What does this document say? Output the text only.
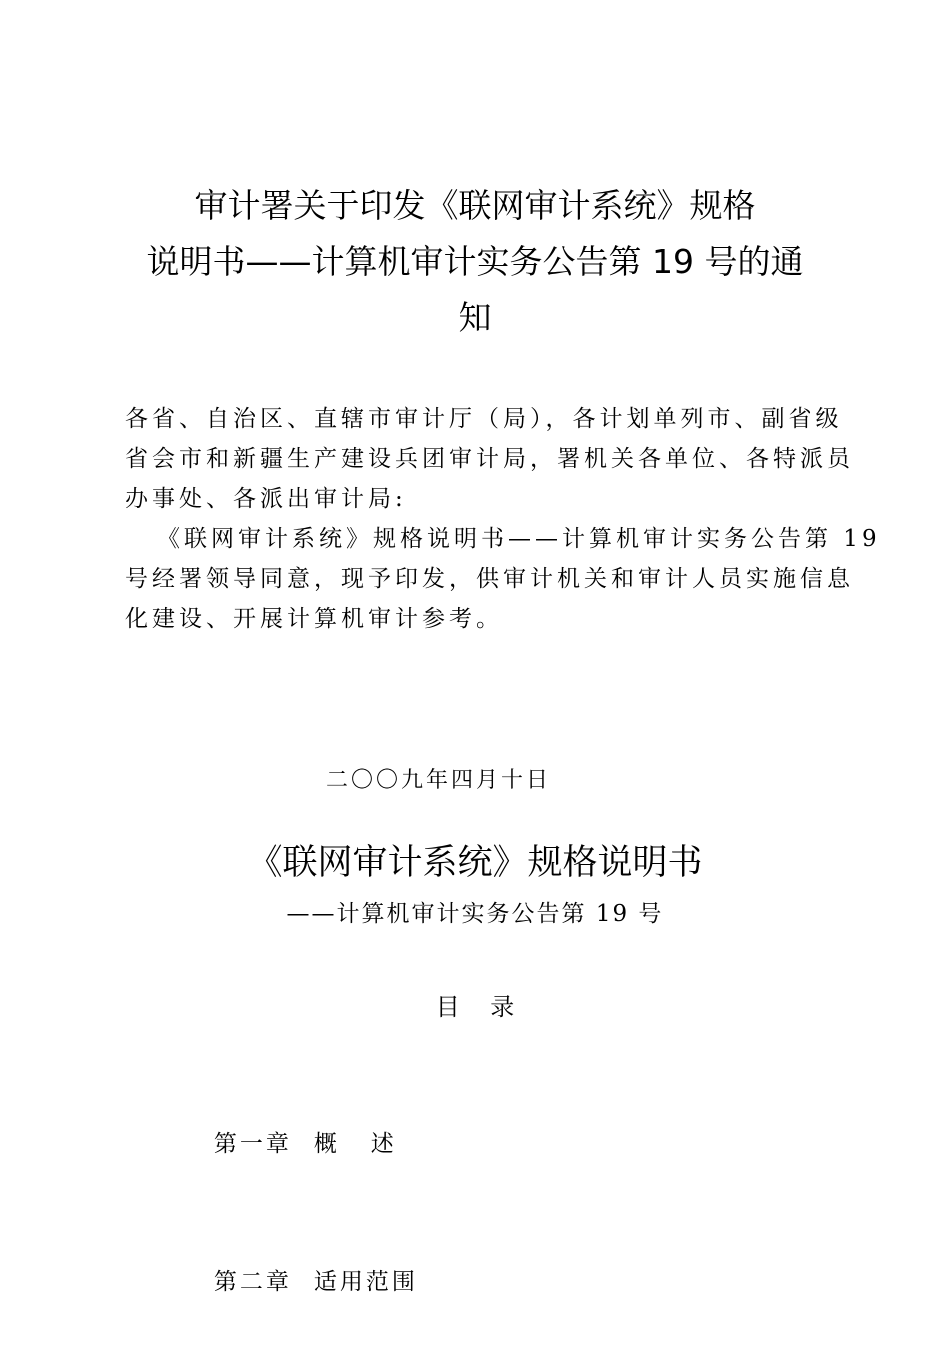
审计署关于印发《联网审计系统》规格
说明书——计算机审计实务公告第 19 号的通
知
各省、自治区、直辖市审计厅（局），各计划单列市、副省级
省会市和新疆生产建设兵团审计局，署机关各单位、各特派员
办事处、各派出审计局:
《联网审计系统》规格说明书——计算机审计实务公告第 19
号经署领导同意，现予印发，供审计机关和审计人员实施信息
化建设、开展计算机审计参考。
二〇〇九年四月十日
《联网审计系统》规格说明书
——计算机审计实务公告第 19 号
目    录

第一章 概   述

第二章 适用范围
